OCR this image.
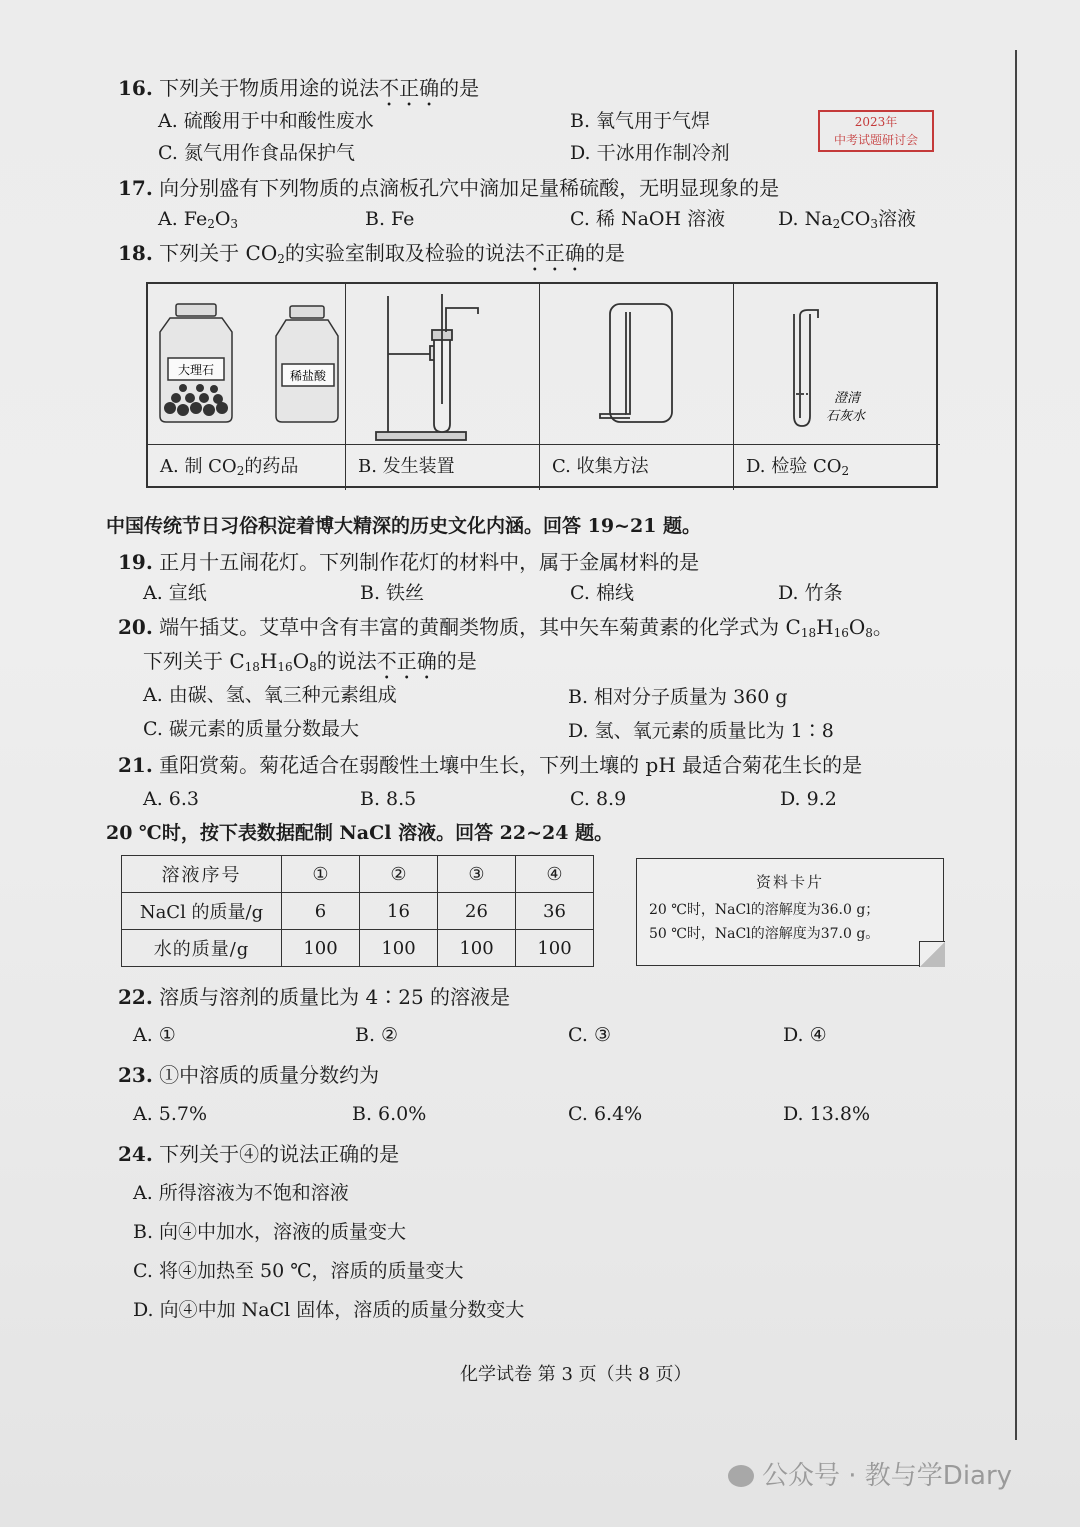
2023年
中考试题研讨会
16. 下列关于物质用途的说法不正确的是
A. 硫酸用于中和酸性废水	B. 氧气用于气焊
C. 氮气用作食品保护气	D. 干冰用作制冷剂
17. 向分别盛有下列物质的点滴板孔穴中滴加足量稀硫酸，无明显现象的是
A. $Fe_2O_3$	B. Fe	C. 稀 NaOH 溶液	D. $Na_2CO_3$溶液
18. 下列关于 $CO_2$的实验室制取及检验的说法不正确的是
大理石	稀盐酸
澄清
石灰水
A. 制 $CO_2$的药品	B. 发生装置	C. 收集方法	D. 检验 $CO_2$
中国传统节日习俗积淀着博大精深的历史文化内涵。回答 19~21 题。
19. 正月十五闹花灯。下列制作花灯的材料中，属于金属材料的是
A. 宣纸	B. 铁丝	C. 棉线	D. 竹条
20. 端午插艾。艾草中含有丰富的黄酮类物质，其中矢车菊黄素的化学式为 $C_{18}H_{16}O_8$。
下列关于 $C_{18}H_{16}O_8$的说法不正确的是
A. 由碳、氢、氧三种元素组成	B. 相对分子质量为 360 g
C. 碳元素的质量分数最大	D. 氢、氧元素的质量比为 1∶8
21. 重阳赏菊。菊花适合在弱酸性土壤中生长，下列土壤的 pH 最适合菊花生长的是
A. 6.3	B. 8.5	C. 8.9	D. 9.2
20 ℃时，按下表数据配制 NaCl 溶液。回答 22~24 题。
溶液序号	①	②	③	④
NaCl 的质量/g	6	16	26	36
水的质量/g	100	100	100	100
资料卡片
20 ℃时，NaCl的溶解度为36.0 g；
50 ℃时，NaCl的溶解度为37.0 g。
22. 溶质与溶剂的质量比为 4∶25 的溶液是
A. ①	B. ②	C. ③	D. ④
23. ①中溶质的质量分数约为
A. 5.7%	B. 6.0%	C. 6.4%	D. 13.8%
24. 下列关于④的说法正确的是
A. 所得溶液为不饱和溶液
B. 向④中加水，溶液的质量变大
C. 将④加热至 50 ℃，溶质的质量变大
D. 向④中加 NaCl 固体，溶质的质量分数变大
化学试卷 第 3 页（共 8 页）
公众号 · 教与学Diary
